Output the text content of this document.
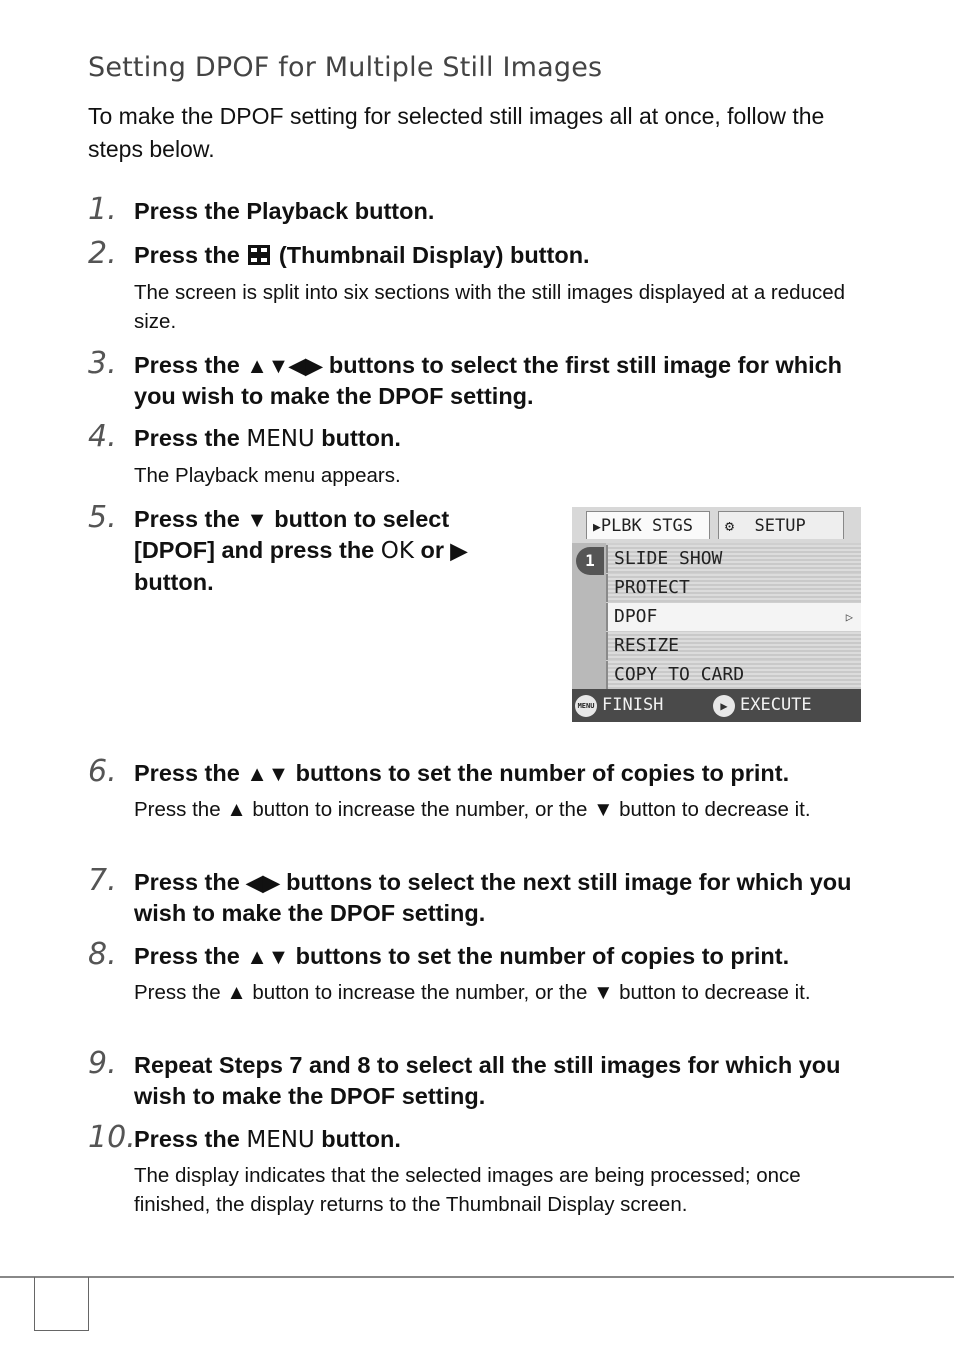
Setting DPOF for Multiple Still Images
To make the DPOF setting for selected still images all at once, follow the steps below.
1. Press the Playback button.
2. Press the (Thumbnail Display) button.
The screen is split into six sections with the still images displayed at a reduced size.
3. Press the ▲▼◀▶ buttons to select the first still image for which you wish to make the DPOF setting.
4. Press the MENU button.
The Playback menu appears.
5. Press the ▼ button to select
[DPOF] and press the OK or ▶
button.
▶PLBK STGS	⚙ SETUP
1	SLIDE SHOW
PROTECT
DPOF	▷
RESIZE
COPY TO CARD
MENU FINISH	▶ EXECUTE
6. Press the ▲▼ buttons to set the number of copies to print.
Press the ▲ button to increase the number, or the ▼ button to decrease it.
7. Press the ◀▶ buttons to select the next still image for which you wish to make the DPOF setting.
8. Press the ▲▼ buttons to set the number of copies to print.
Press the ▲ button to increase the number, or the ▼ button to decrease it.
9. Repeat Steps 7 and 8 to select all the still images for which you wish to make the DPOF setting.
10.
Press the MENU button.
The display indicates that the selected images are being processed; once finished, the display returns to the Thumbnail Display screen.
